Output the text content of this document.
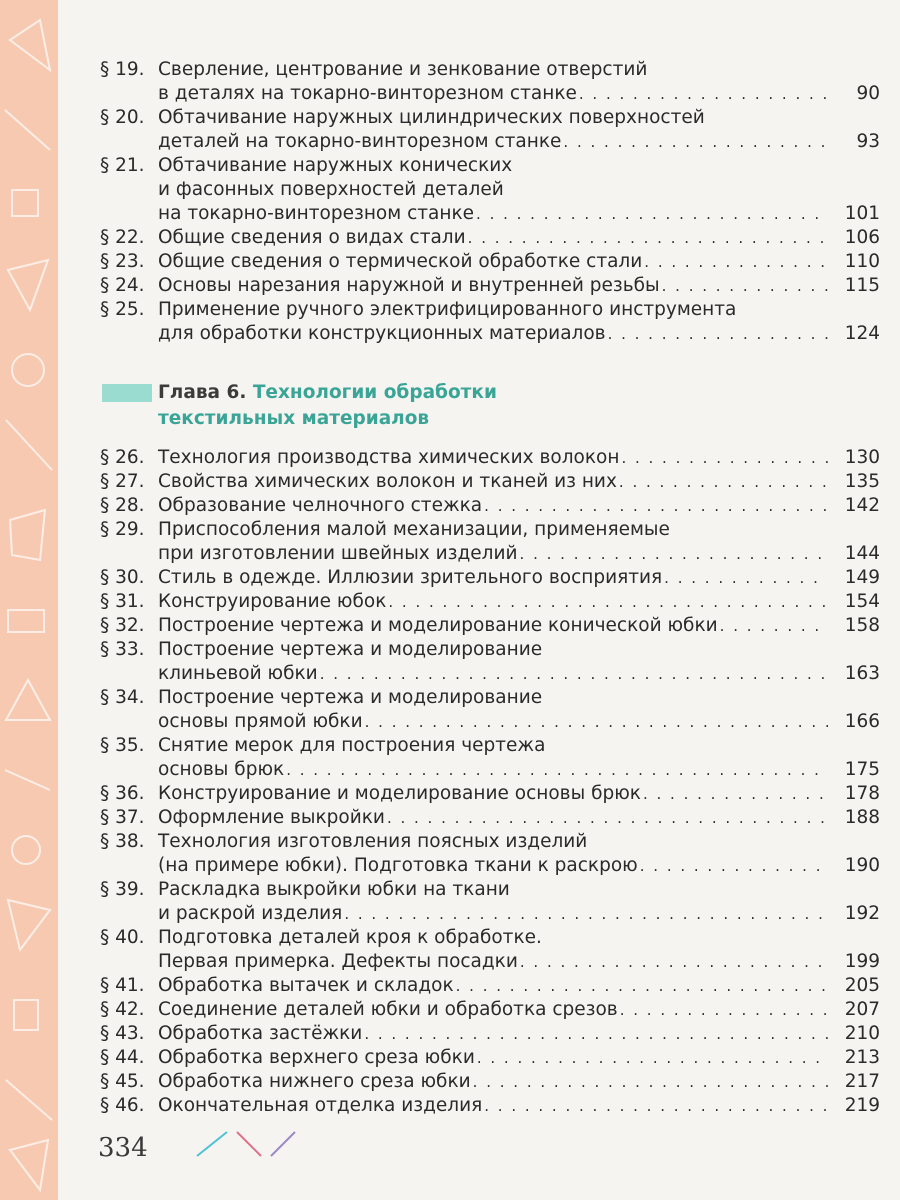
§ 19. Сверление, центрование и зенкование отверстий
в деталях на токарно-винторезном станке . . .	90
§ 20. Обтачивание наружных цилиндрических поверхностей
деталей на токарно-винторезном станке . . .	93
§ 21. Обтачивание наружных конических
и фасонных поверхностей деталей
на токарно-винторезном станке . . .	101
§ 22. Общие сведения о видах стали . . .	106
§ 23. Общие сведения о термической обработке стали . . .	110
§ 24. Основы нарезания наружной и внутренней резьбы . . .	115
§ 25. Применение ручного электрифицированного инструмента
для обработки конструкционных материалов . . .	124
Глава 6. Технологии обработки
текстильных материалов
§ 26. Технология производства химических волокон . . .	130
§ 27. Свойства химических волокон и тканей из них . . .	135
§ 28. Образование челночного стежка . . .	142
§ 29. Приспособления малой механизации, применяемые
при изготовлении швейных изделий . . .	144
§ 30. Стиль в одежде. Иллюзии зрительного восприятия . . .	149
§ 31. Конструирование юбок . . .	154
§ 32. Построение чертежа и моделирование конической юбки . . .	158
§ 33. Построение чертежа и моделирование
клиньевой юбки . . .	163
§ 34. Построение чертежа и моделирование
основы прямой юбки . . .	166
§ 35. Снятие мерок для построения чертежа
основы брюк . . .	175
§ 36. Конструирование и моделирование основы брюк . . .	178
§ 37. Оформление выкройки . . .	188
§ 38. Технология изготовления поясных изделий
(на примере юбки). Подготовка ткани к раскрою . . .	190
§ 39. Раскладка выкройки юбки на ткани
и раскрой изделия . . .	192
§ 40. Подготовка деталей кроя к обработке.
Первая примерка. Дефекты посадки . . .	199
§ 41. Обработка вытачек и складок . . .	205
§ 42. Соединение деталей юбки и обработка срезов . . .	207
§ 43. Обработка застёжки . . .	210
§ 44. Обработка верхнего среза юбки . . .	213
§ 45. Обработка нижнего среза юбки . . .	217
§ 46. Окончательная отделка изделия . . .	219
334
